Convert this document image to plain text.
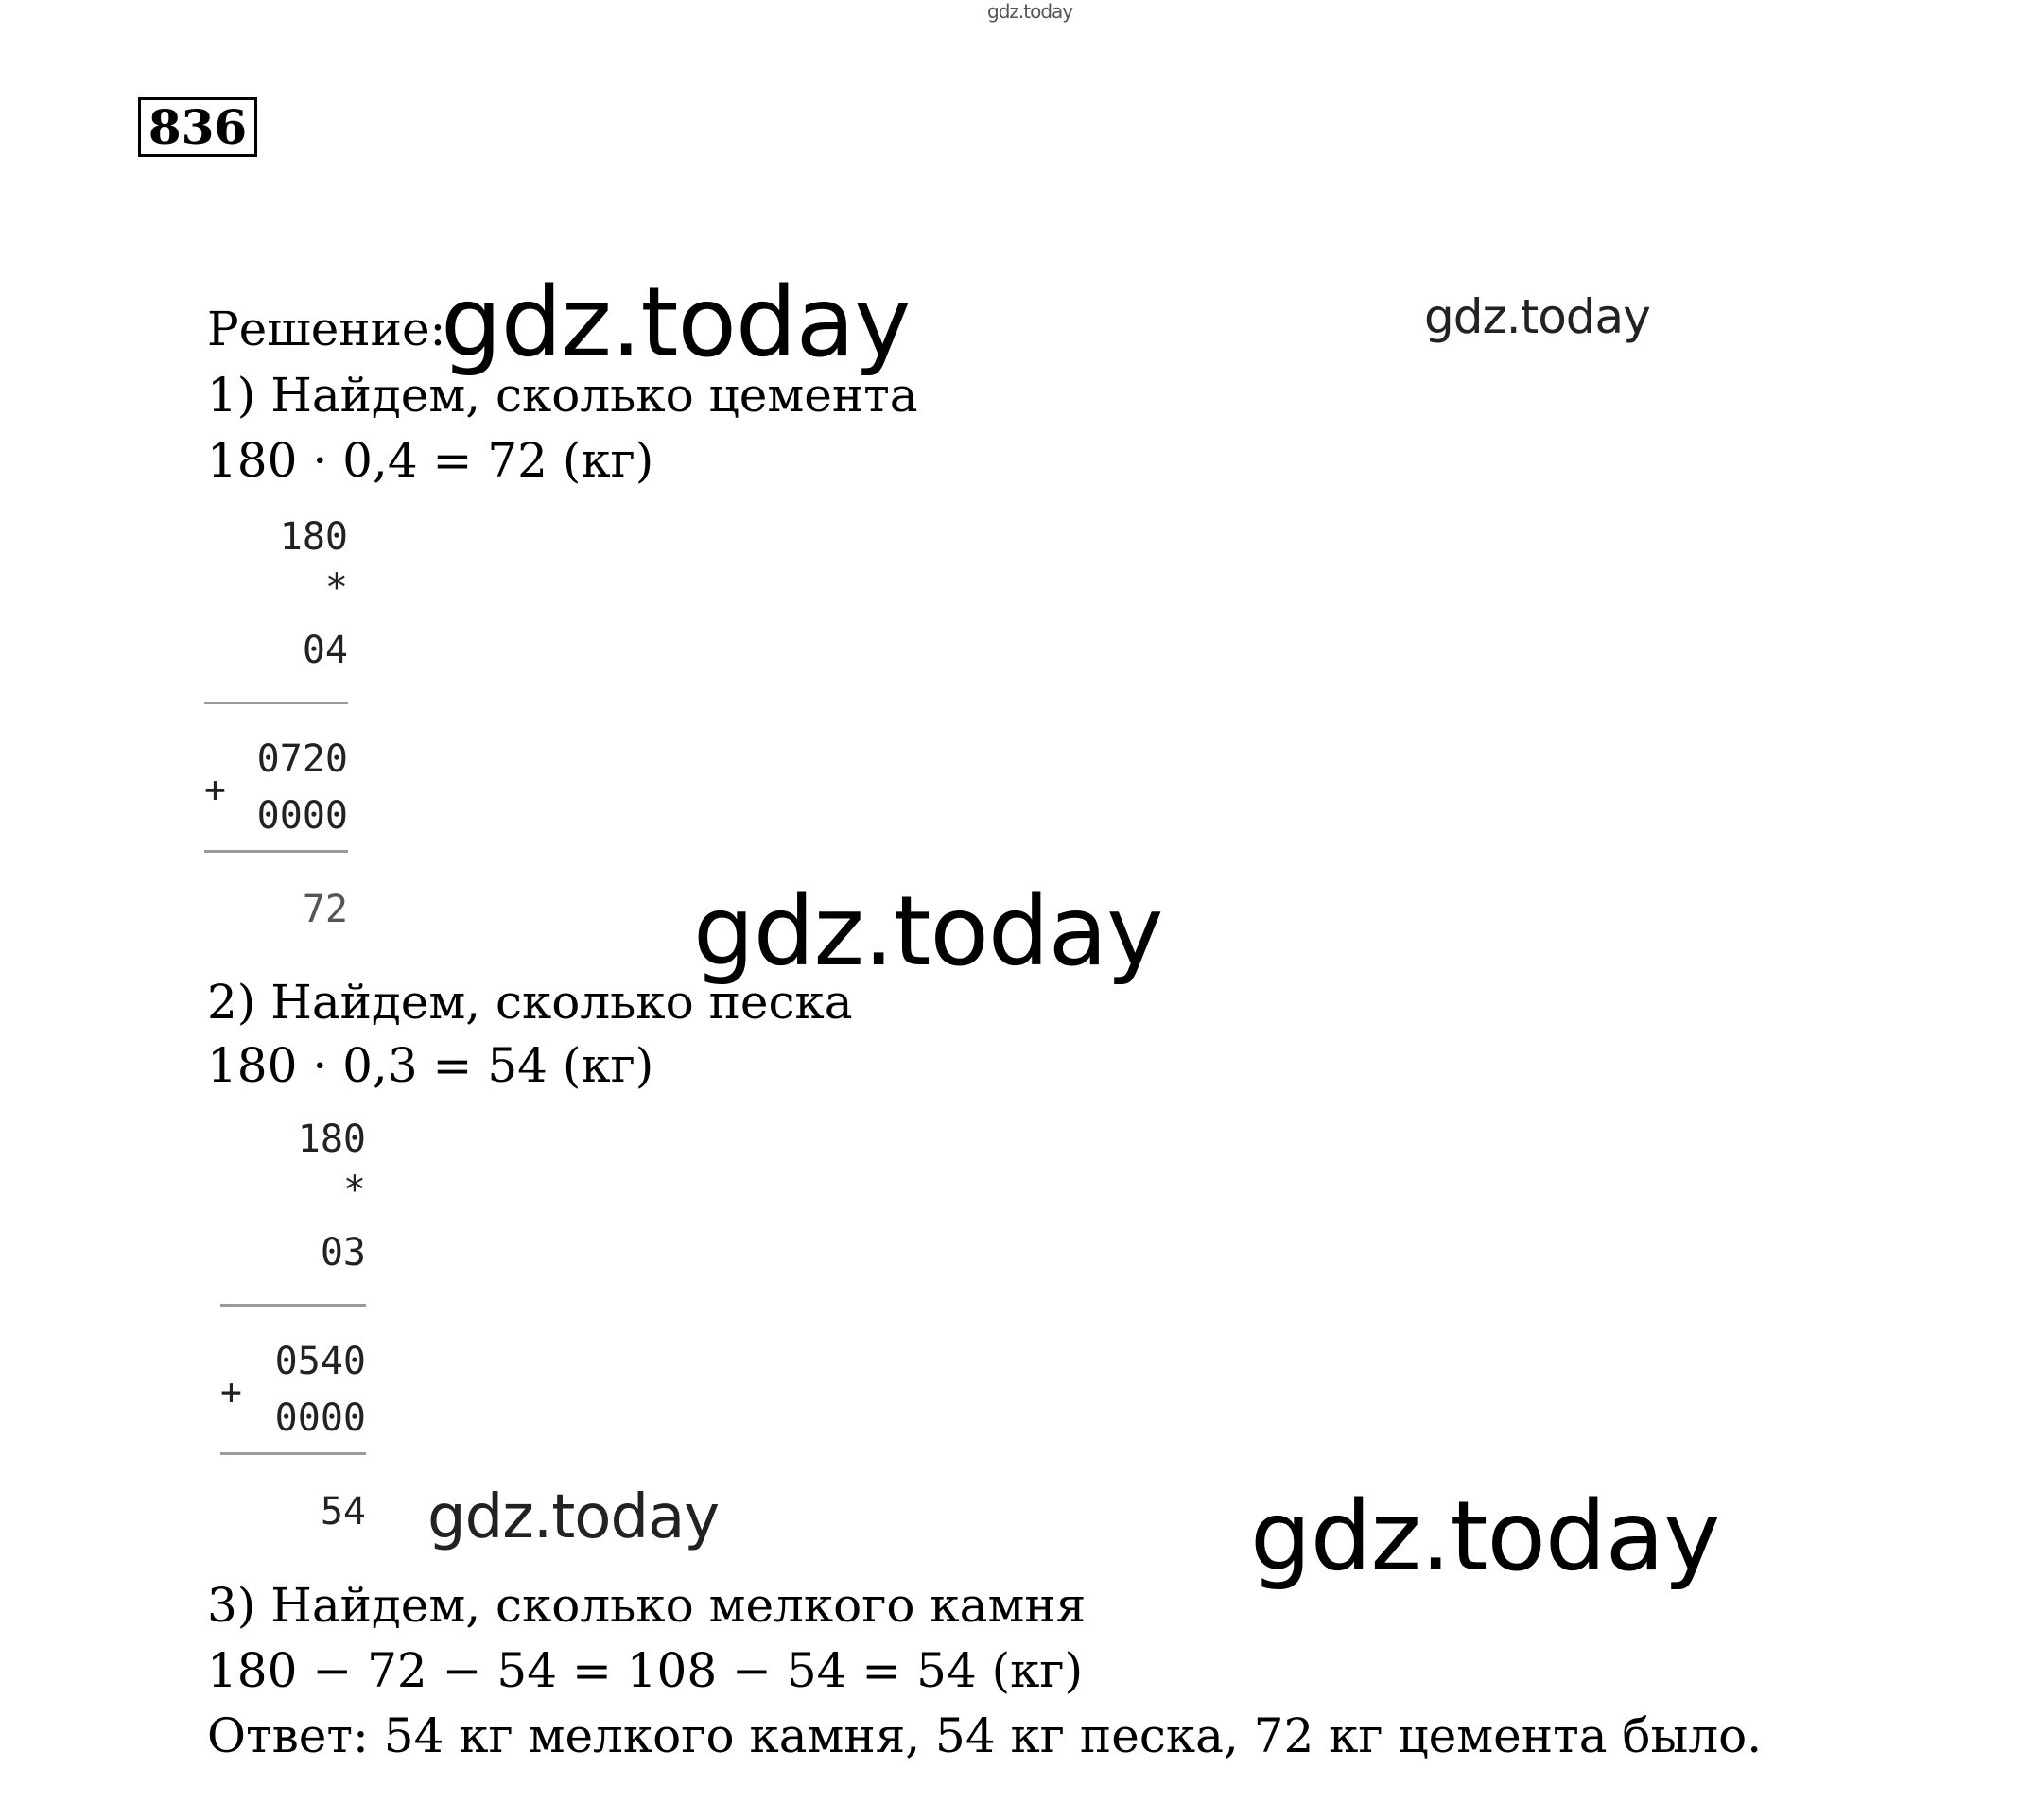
gdz.today
836
Решение:
gdz.today	gdz.today
1) Найдем, сколько цемента
180 · 0,4 = 72 (кг)
180
*
04
+
0720
0000
72	gdz.today
2) Найдем, сколько песка
180 · 0,3 = 54 (кг)
180
*
03
+
0540
0000
54 gdz.today	gdz.today
3) Найдем, сколько мелкого камня
180 − 72 − 54 = 108 − 54 = 54 (кг)
Ответ: 54 кг мелкого камня, 54 кг песка, 72 кг цемента было.
